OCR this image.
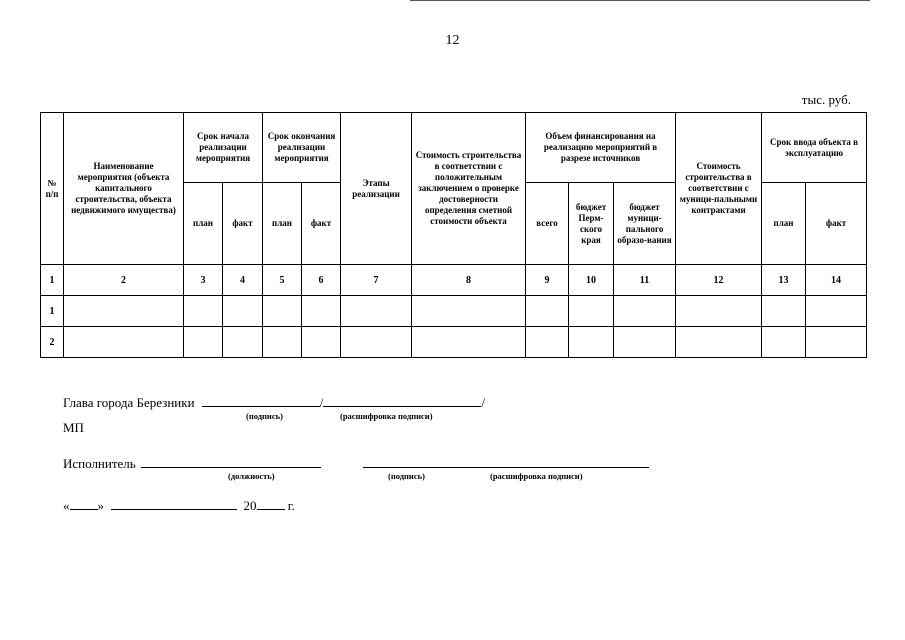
12
тыс. руб.
№ п/п	Наименование мероприятия (объекта капитального строительства, объекта недвижимого имущества)	Срок начала реализации мероприятия		Срок окончания реализации мероприятия		Этапы реализации	Стоимость строительства в соответствии с положительным заключением о проверке достоверности определения сметной стоимости объекта	Объем финансирования на реализацию мероприятий в разрезе источников			Стоимость строительства в соответствии с муници-пальными контрактами	Срок ввода объекта в эксплуатацию	
		план	факт	план	факт			всего	бюджет Перм-ского края	бюджет муници-пального образо-вания		план	факт
1	2	3	4	5	6	7	8	9	10	11	12	13	14
1													
2													
Глава города Березники	/	/
(подпись)	(расшифровка подписи)
МП
Исполнитель
(должность)	(подпись)	(расшифровка подписи)
« »	20 г.
